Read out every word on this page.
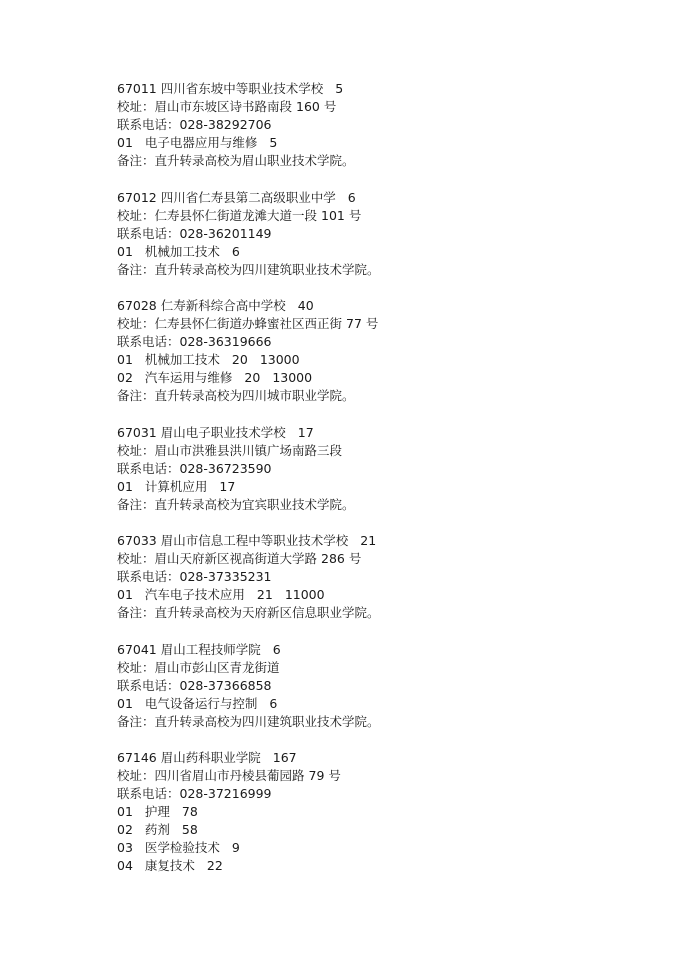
67011 四川省东坡中等职业技术学校 5
校址：眉山市东坡区诗书路南段 160 号
联系电话：028-38292706
01 电子电器应用与维修 5
备注：直升转录高校为眉山职业技术学院。
67012 四川省仁寿县第二高级职业中学 6
校址：仁寿县怀仁街道龙滩大道一段 101 号
联系电话：028-36201149
01 机械加工技术 6
备注：直升转录高校为四川建筑职业技术学院。
67028 仁寿新科综合高中学校 40
校址：仁寿县怀仁街道办蜂蜜社区西正街 77 号
联系电话：028-36319666
01 机械加工技术 20 13000
02 汽车运用与维修 20 13000
备注：直升转录高校为四川城市职业学院。
67031 眉山电子职业技术学校 17
校址：眉山市洪雅县洪川镇广场南路三段
联系电话：028-36723590
01 计算机应用 17
备注：直升转录高校为宜宾职业技术学院。
67033 眉山市信息工程中等职业技术学校 21
校址：眉山天府新区视高街道大学路 286 号
联系电话：028-37335231
01 汽车电子技术应用 21 11000
备注：直升转录高校为天府新区信息职业学院。
67041 眉山工程技师学院 6
校址：眉山市彭山区青龙街道
联系电话：028-37366858
01 电气设备运行与控制 6
备注：直升转录高校为四川建筑职业技术学院。
67146 眉山药科职业学院 167
校址：四川省眉山市丹棱县葡园路 79 号
联系电话：028-37216999
01 护理 78
02 药剂 58
03 医学检验技术 9
04 康复技术 22
